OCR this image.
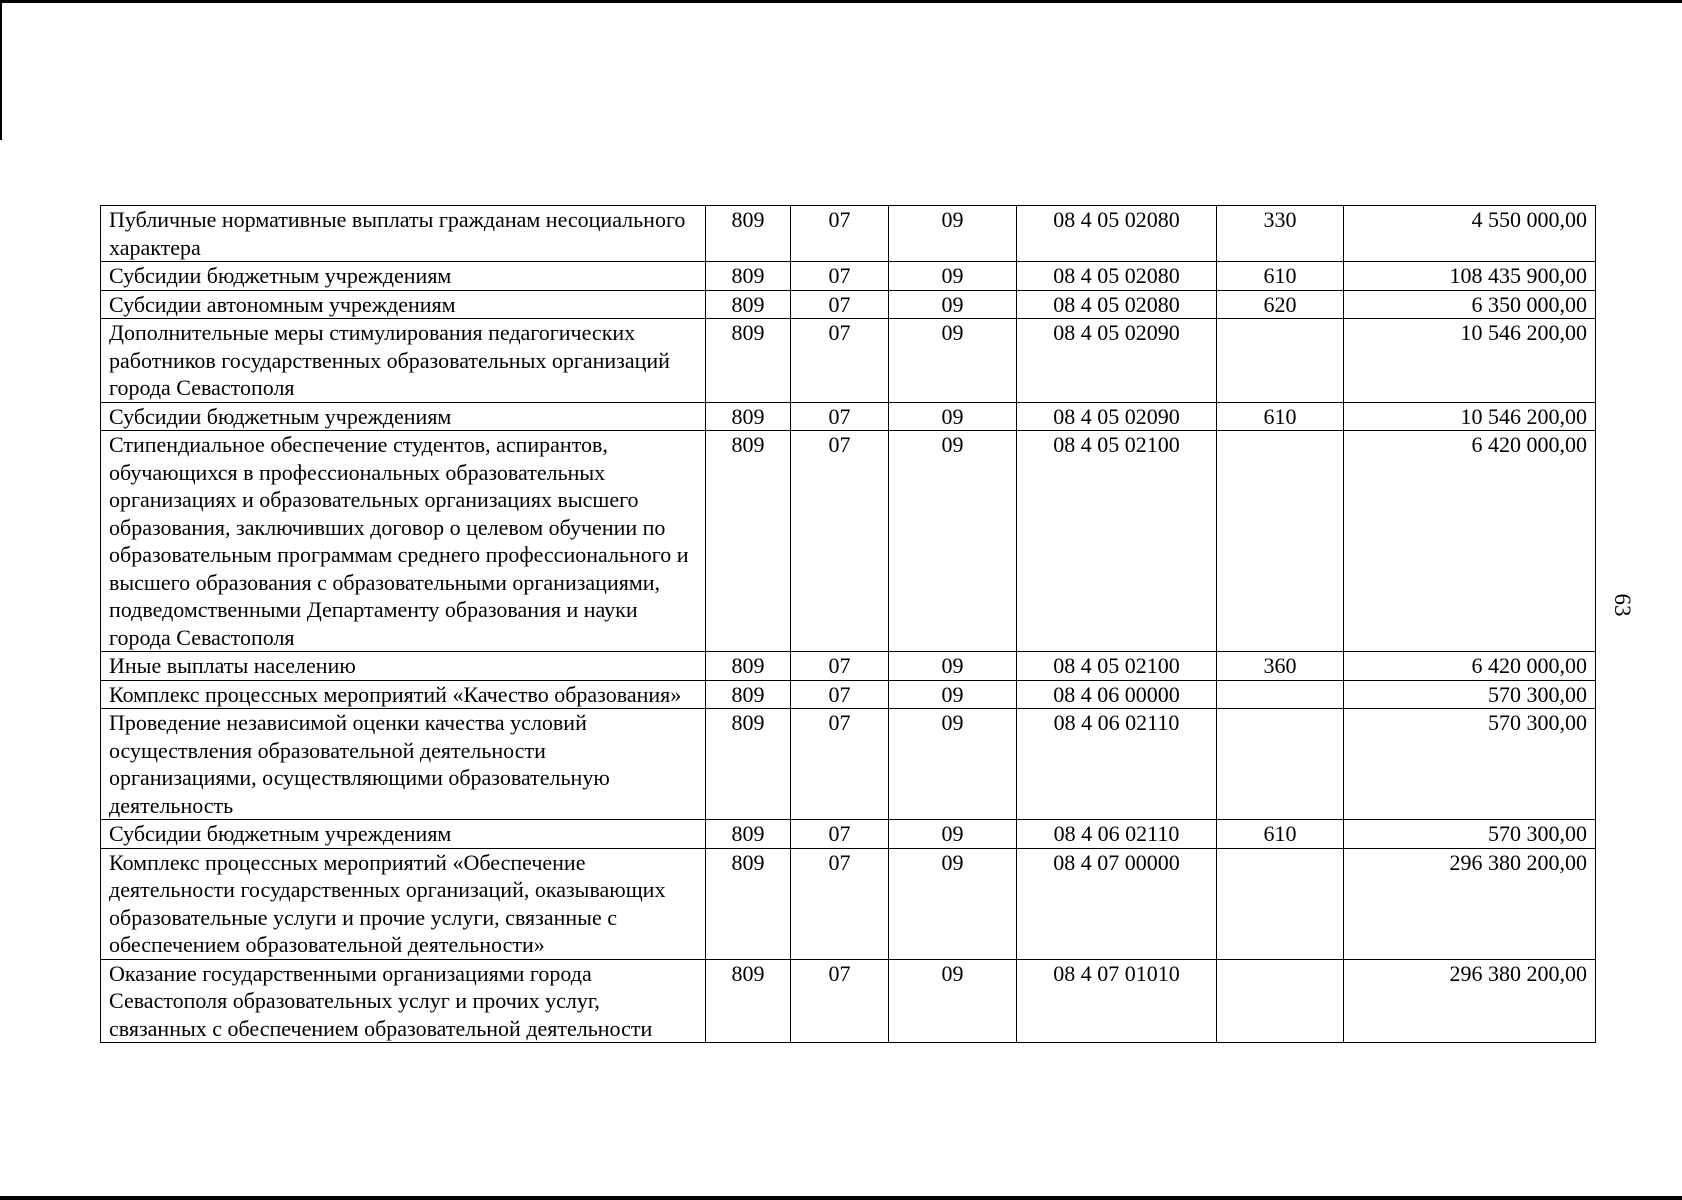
63
Публичные нормативные выплаты гражданам несоциального характера	809	07	09	08 4 05 02080	330	4 550 000,00
Субсидии бюджетным учреждениям	809	07	09	08 4 05 02080	610	108 435 900,00
Субсидии автономным учреждениям	809	07	09	08 4 05 02080	620	6 350 000,00
Дополнительные меры стимулирования педагогических работников государственных образовательных организаций города Севастополя	809	07	09	08 4 05 02090		10 546 200,00
Субсидии бюджетным учреждениям	809	07	09	08 4 05 02090	610	10 546 200,00
Стипендиальное обеспечение студентов, аспирантов, обучающихся в профессиональных образовательных организациях и образовательных организациях высшего образования, заключивших договор о целевом обучении по образовательным программам среднего профессионального и высшего образования с образовательными организациями, подведомственными Департаменту образования и науки города Севастополя	809	07	09	08 4 05 02100		6 420 000,00
Иные выплаты населению	809	07	09	08 4 05 02100	360	6 420 000,00
Комплекс процессных мероприятий «Качество образования»	809	07	09	08 4 06 00000		570 300,00
Проведение независимой оценки качества условий осуществления образовательной деятельности организациями, осуществляющими образовательную деятельность	809	07	09	08 4 06 02110		570 300,00
Субсидии бюджетным учреждениям	809	07	09	08 4 06 02110	610	570 300,00
Комплекс процессных мероприятий «Обеспечение деятельности государственных организаций, оказывающих образовательные услуги и прочие услуги, связанные с обеспечением образовательной деятельности»	809	07	09	08 4 07 00000		296 380 200,00
Оказание государственными организациями города Севастополя образовательных услуг и прочих услуг, связанных с обеспечением образовательной деятельности	809	07	09	08 4 07 01010		296 380 200,00
